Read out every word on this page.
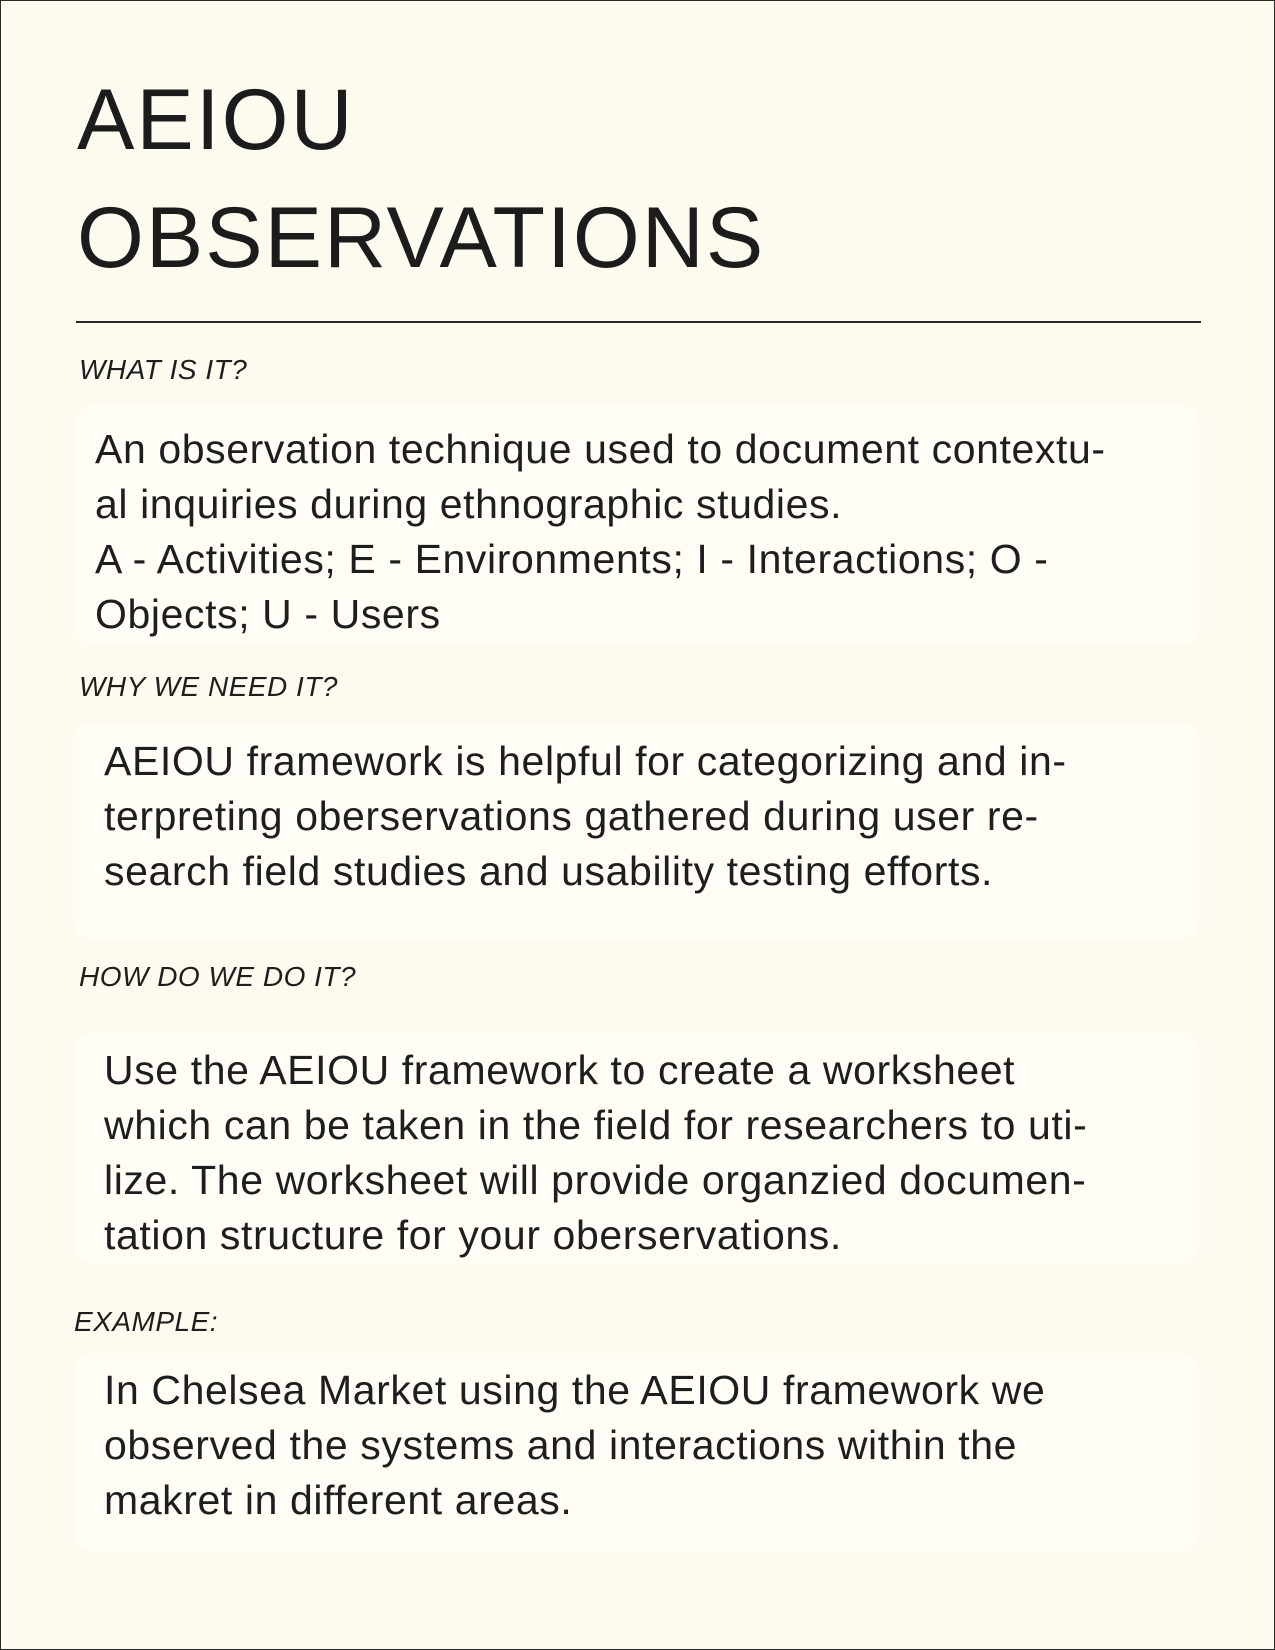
AEIOU
OBSERVATIONS
WHAT IS IT?
An observation technique used to document contextu-
al inquiries during ethnographic studies.
A - Activities; E - Environments; I - Interactions; O -
Objects; U - Users
WHY WE NEED IT?
AEIOU framework is helpful for categorizing and in-
terpreting oberservations gathered during user re-
search field studies and usability testing efforts.
HOW DO WE DO IT?
Use the AEIOU framework to create a worksheet
which can be taken in the field for researchers to uti-
lize. The worksheet will provide organzied documen-
tation structure for your oberservations.
EXAMPLE:
In Chelsea Market using the AEIOU framework we
observed the systems and interactions within the
makret in different areas.
